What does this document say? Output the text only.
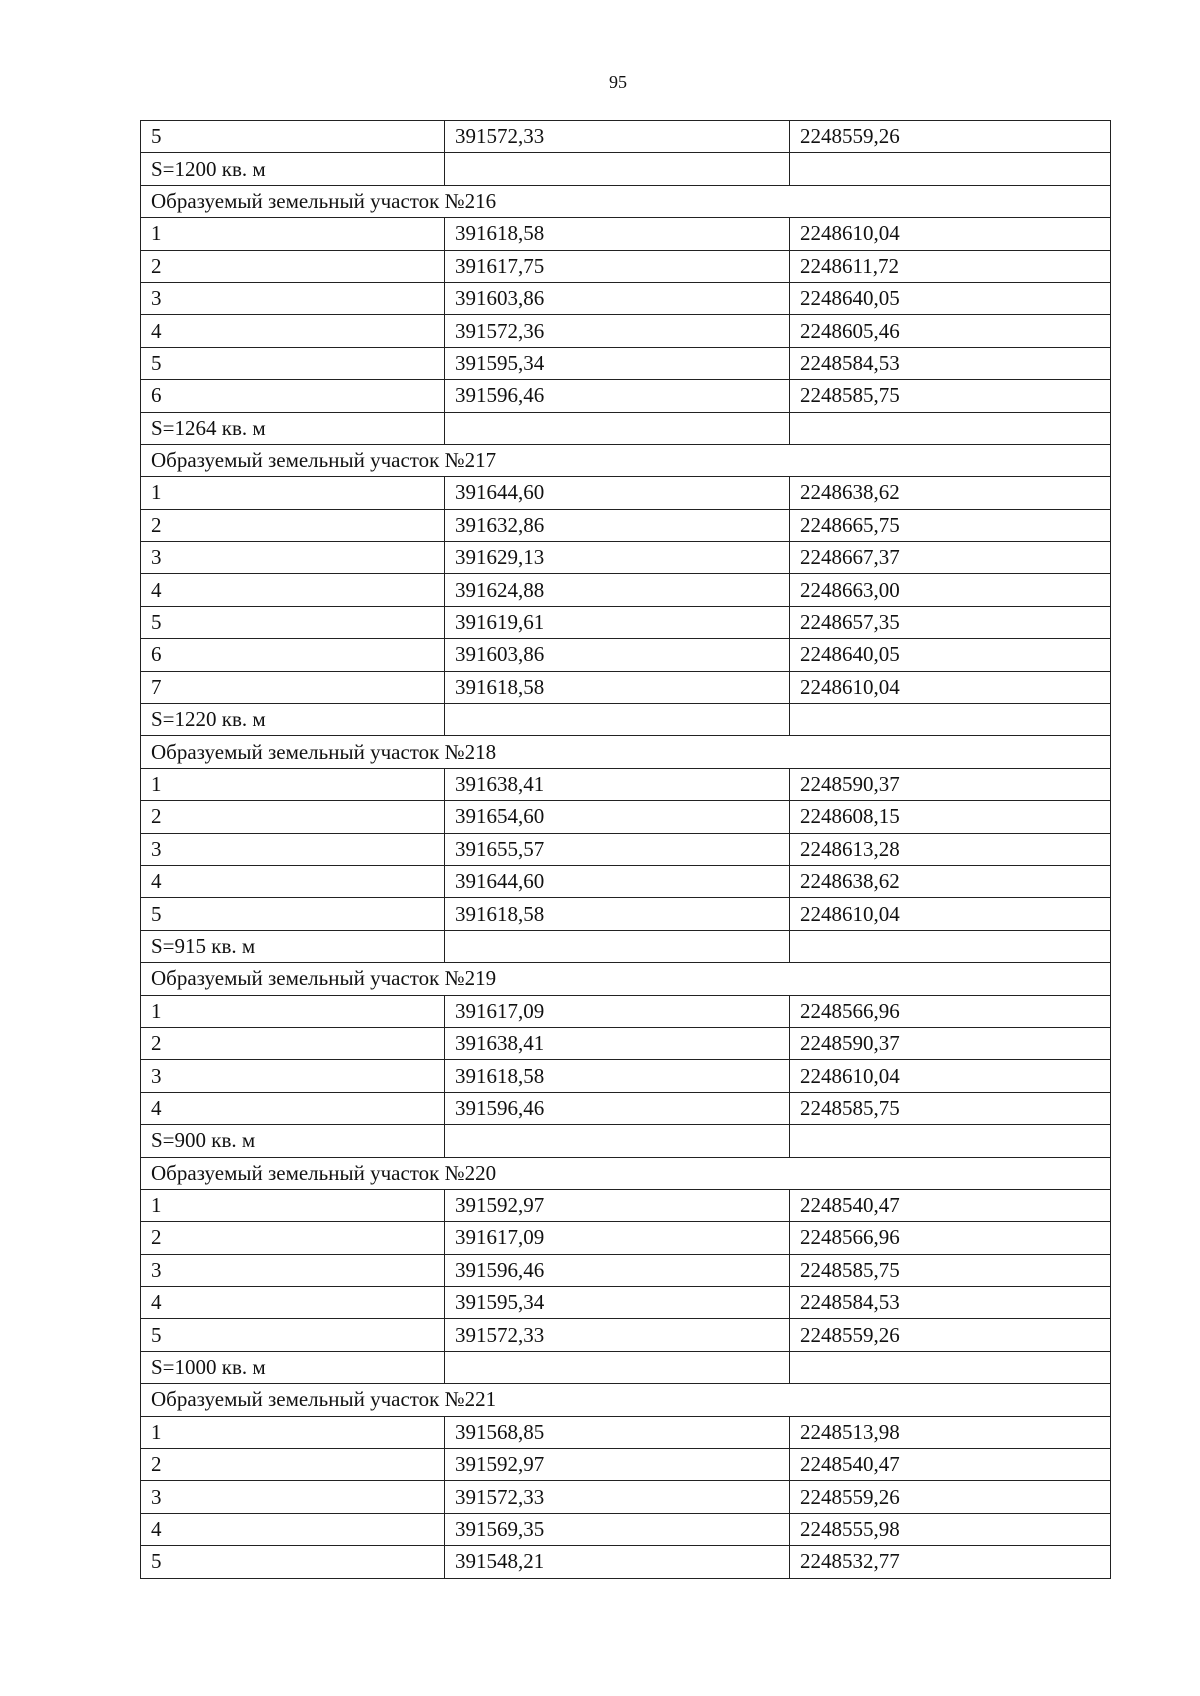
95
5	391572,33	2248559,26
S=1200 кв. м		
Образуемый земельный участок №216		
1	391618,58	2248610,04
2	391617,75	2248611,72
3	391603,86	2248640,05
4	391572,36	2248605,46
5	391595,34	2248584,53
6	391596,46	2248585,75
S=1264 кв. м		
Образуемый земельный участок №217		
1	391644,60	2248638,62
2	391632,86	2248665,75
3	391629,13	2248667,37
4	391624,88	2248663,00
5	391619,61	2248657,35
6	391603,86	2248640,05
7	391618,58	2248610,04
S=1220 кв. м		
Образуемый земельный участок №218		
1	391638,41	2248590,37
2	391654,60	2248608,15
3	391655,57	2248613,28
4	391644,60	2248638,62
5	391618,58	2248610,04
S=915 кв. м		
Образуемый земельный участок №219		
1	391617,09	2248566,96
2	391638,41	2248590,37
3	391618,58	2248610,04
4	391596,46	2248585,75
S=900 кв. м		
Образуемый земельный участок №220		
1	391592,97	2248540,47
2	391617,09	2248566,96
3	391596,46	2248585,75
4	391595,34	2248584,53
5	391572,33	2248559,26
S=1000 кв. м		
Образуемый земельный участок №221		
1	391568,85	2248513,98
2	391592,97	2248540,47
3	391572,33	2248559,26
4	391569,35	2248555,98
5	391548,21	2248532,77
